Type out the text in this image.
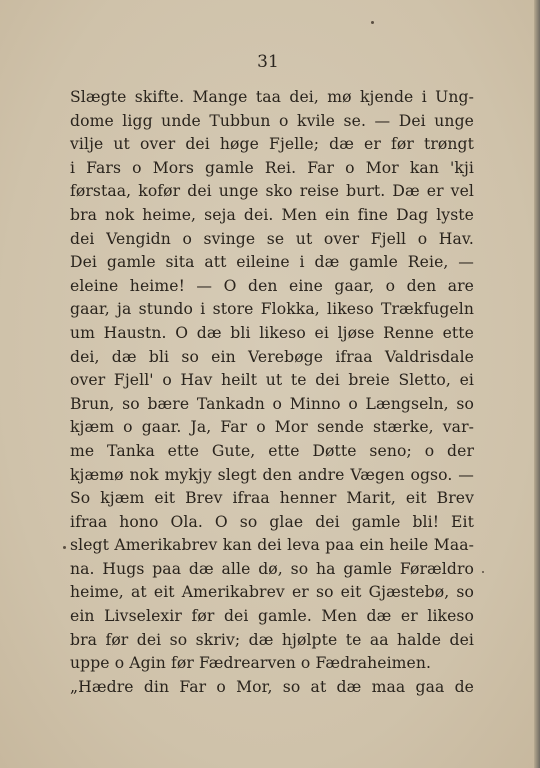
31
Slægte skifte. Mange taa dei, mø kjende i Ung-
dome ligg unde Tubbun o kvile se. — Dei unge
vilje ut over dei høge Fjelle; dæ er før trøngt
i Fars o Mors gamle Rei. Far o Mor kan 'kji
førstaa, kofør dei unge sko reise burt. Dæ er vel
bra nok heime, seja dei. Men ein fine Dag lyste
dei Vengidn o svinge se ut over Fjell o Hav.
Dei gamle sita att eileine i dæ gamle Reie, —
eleine heime! — O den eine gaar, o den are
gaar, ja stundo i store Flokka, likeso Trækfugeln
um Haustn. O dæ bli likeso ei ljøse Renne ette
dei, dæ bli so ein Verebøge ifraa Valdrisdale
over Fjell' o Hav heilt ut te dei breie Sletto, ei
Brun, so bære Tankadn o Minno o Længseln, so
kjæm o gaar. Ja, Far o Mor sende stærke, var-
me Tanka ette Gute, ette Døtte seno; o der
kjæmø nok mykjy slegt den andre Vægen ogso. —
So kjæm eit Brev ifraa henner Marit, eit Brev
ifraa hono Ola. O so glae dei gamle bli! Eit
slegt Amerikabrev kan dei leva paa ein heile Maa-
na. Hugs paa dæ alle dø, so ha gamle Førældro
heime, at eit Amerikabrev er so eit Gjæstebø, so
ein Livselexir før dei gamle. Men dæ er likeso
bra før dei so skriv; dæ hjølpte te aa halde dei
uppe o Agin før Fædrearven o Fædraheimen.
„Hædre din Far o Mor, so at dæ maa gaa de
